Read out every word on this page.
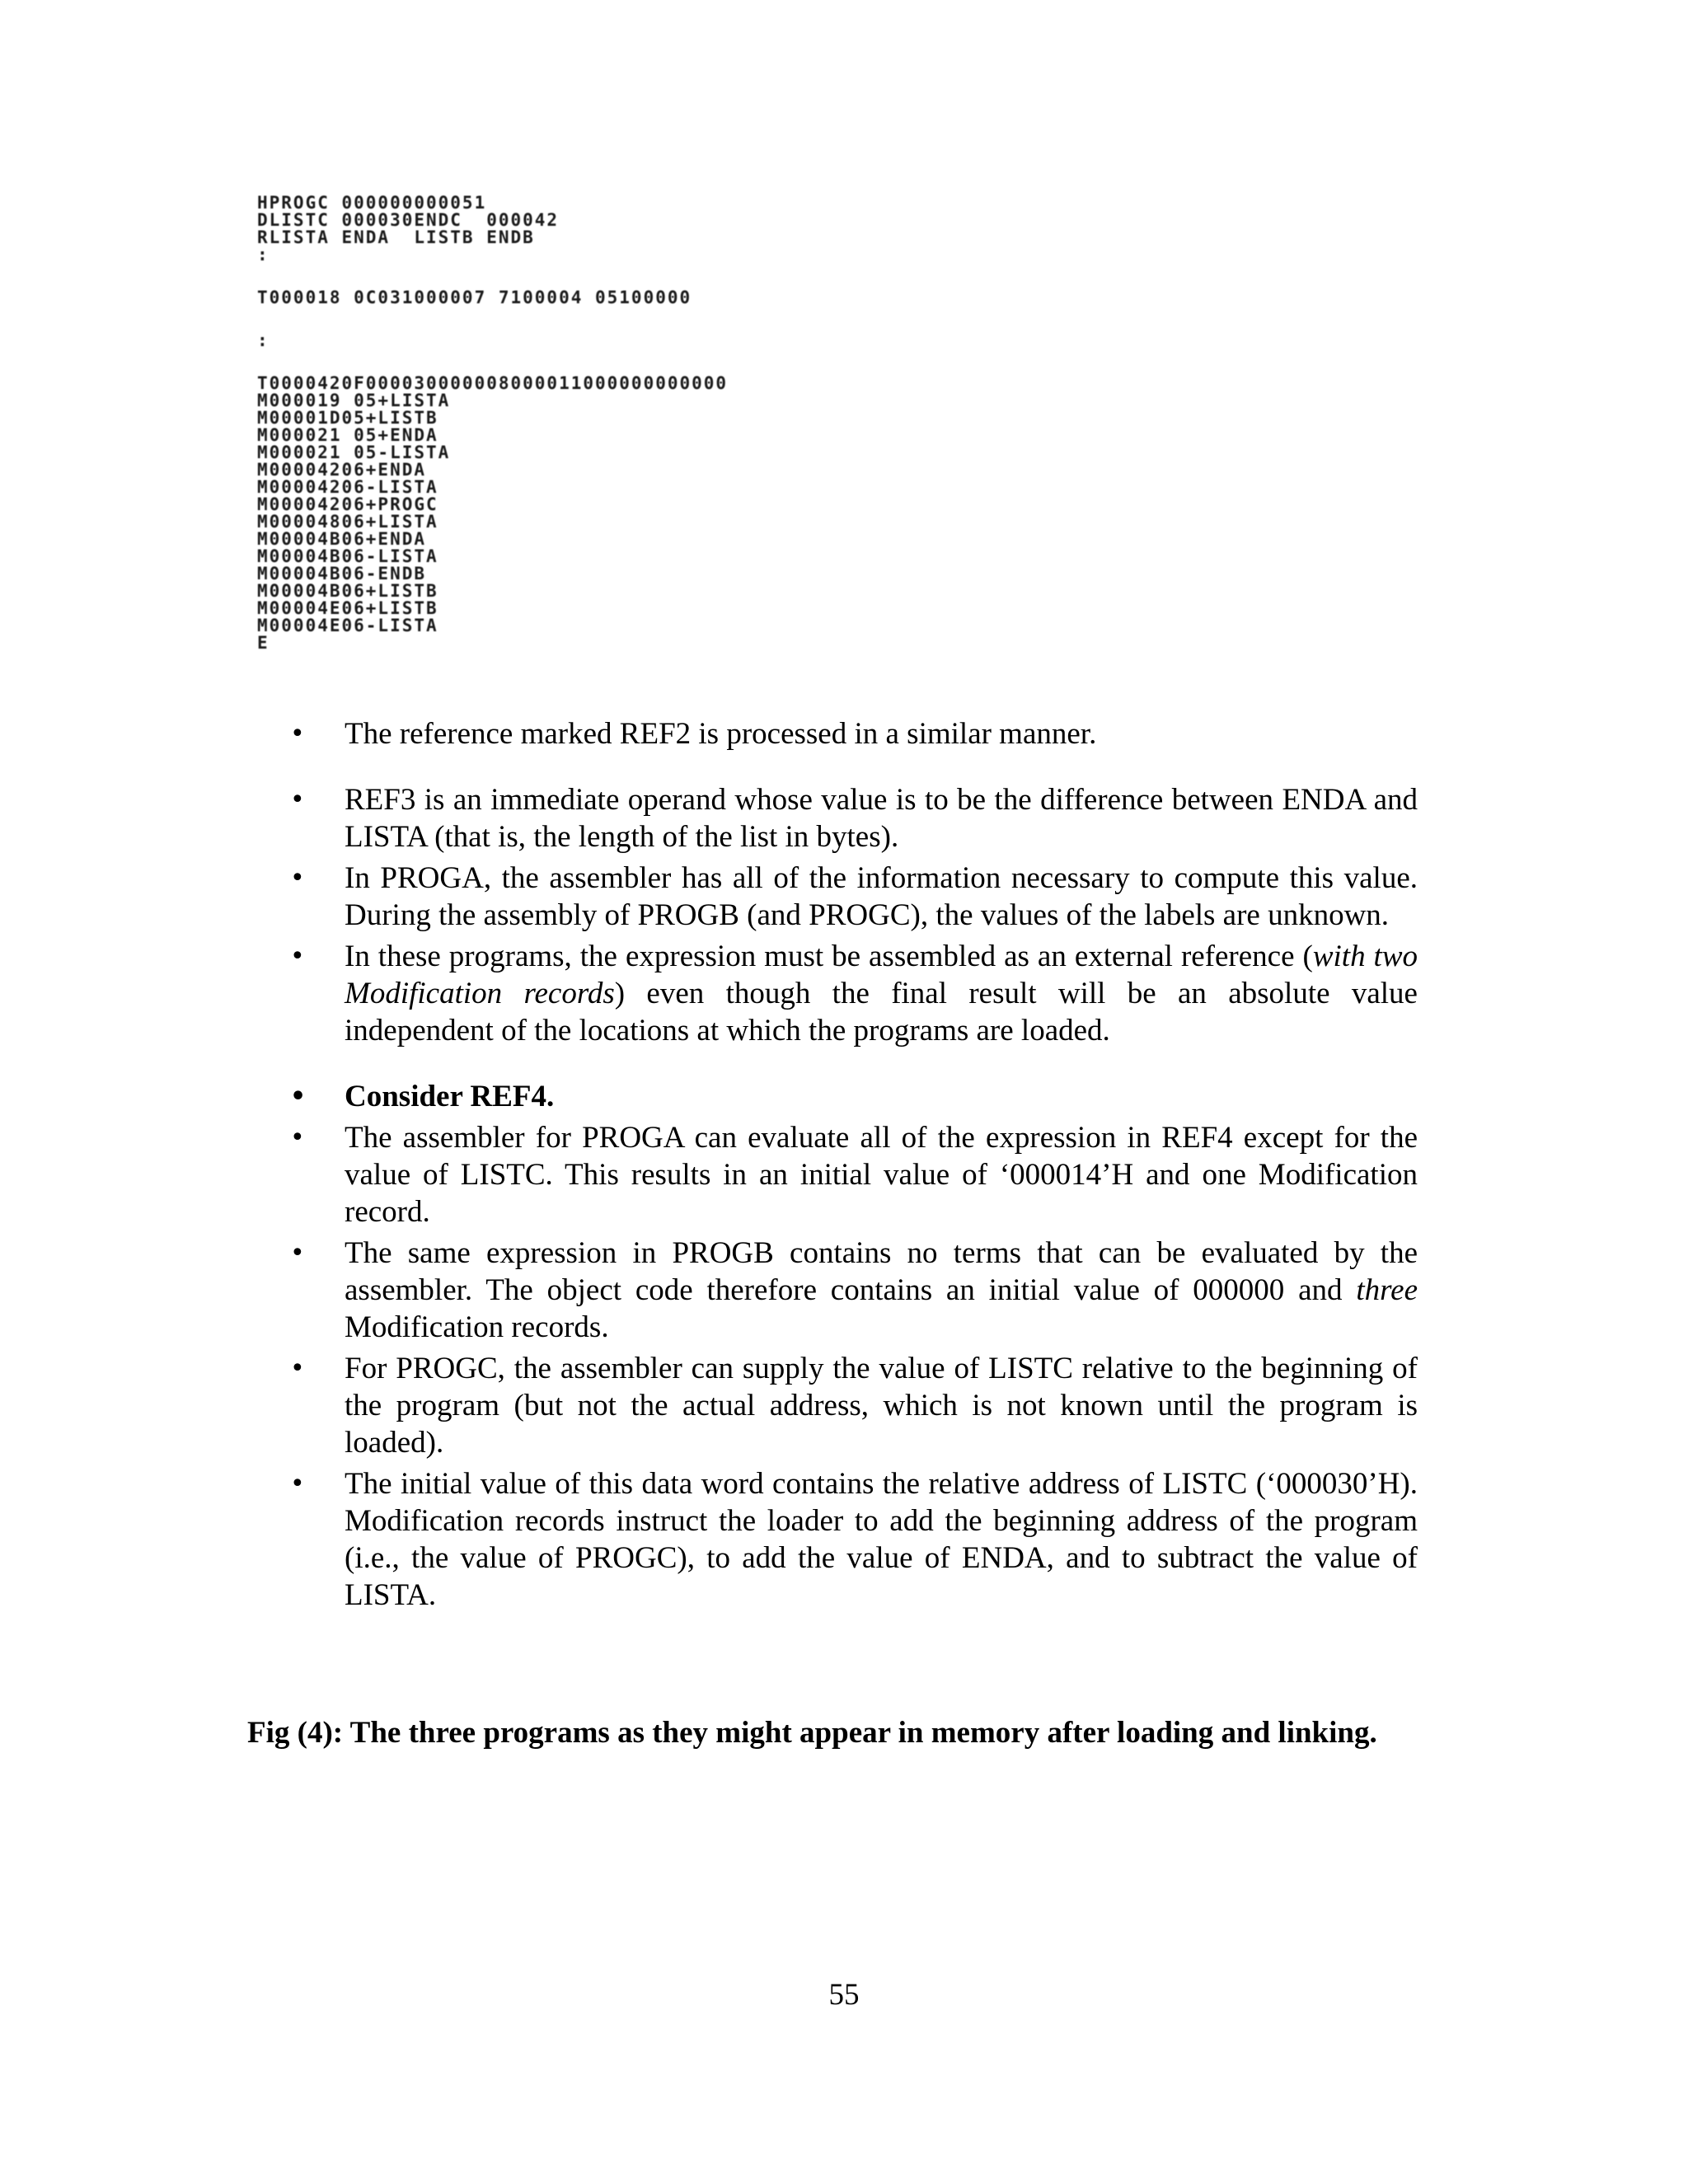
HPROGC 000000000051
DLISTC 000030ENDC  000042
RLISTA ENDA  LISTB ENDB
:
T000018 0C031000007 7100004 05100000
:
T0000420F000030000008000011000000000000
M000019 05+LISTA
M00001D05+LISTB
M000021 05+ENDA
M000021 05-LISTA
M00004206+ENDA
M00004206-LISTA
M00004206+PROGC
M00004806+LISTA
M00004B06+ENDA
M00004B06-LISTA
M00004B06-ENDB
M00004B06+LISTB
M00004E06+LISTB
M00004E06-LISTA
E
• The reference marked REF2 is processed in a similar manner.
• REF3 is an immediate operand whose value is to be the difference between ENDA and LISTA (that is, the length of the list in bytes).
• In PROGA, the assembler has all of the information necessary to compute this value. During the assembly of PROGB (and PROGC), the values of the labels are unknown.
• In these programs, the expression must be assembled as an external reference (with two Modification records) even though the final result will be an absolute value independent of the locations at which the programs are loaded.
• Consider REF4.
• The assembler for PROGA can evaluate all of the expression in REF4 except for the value of LISTC. This results in an initial value of ‘000014’H and one Modification record.
• The same expression in PROGB contains no terms that can be evaluated by the assembler. The object code therefore contains an initial value of 000000 and three Modification records.
• For PROGC, the assembler can supply the value of LISTC relative to the beginning of the program (but not the actual address, which is not known until the program is loaded).
• The initial value of this data word contains the relative address of LISTC (‘000030’H). Modification records instruct the loader to add the beginning address of the program (i.e., the value of PROGC), to add the value of ENDA, and to subtract the value of LISTA.
Fig (4): The three programs as they might appear in memory after loading and linking.
55
